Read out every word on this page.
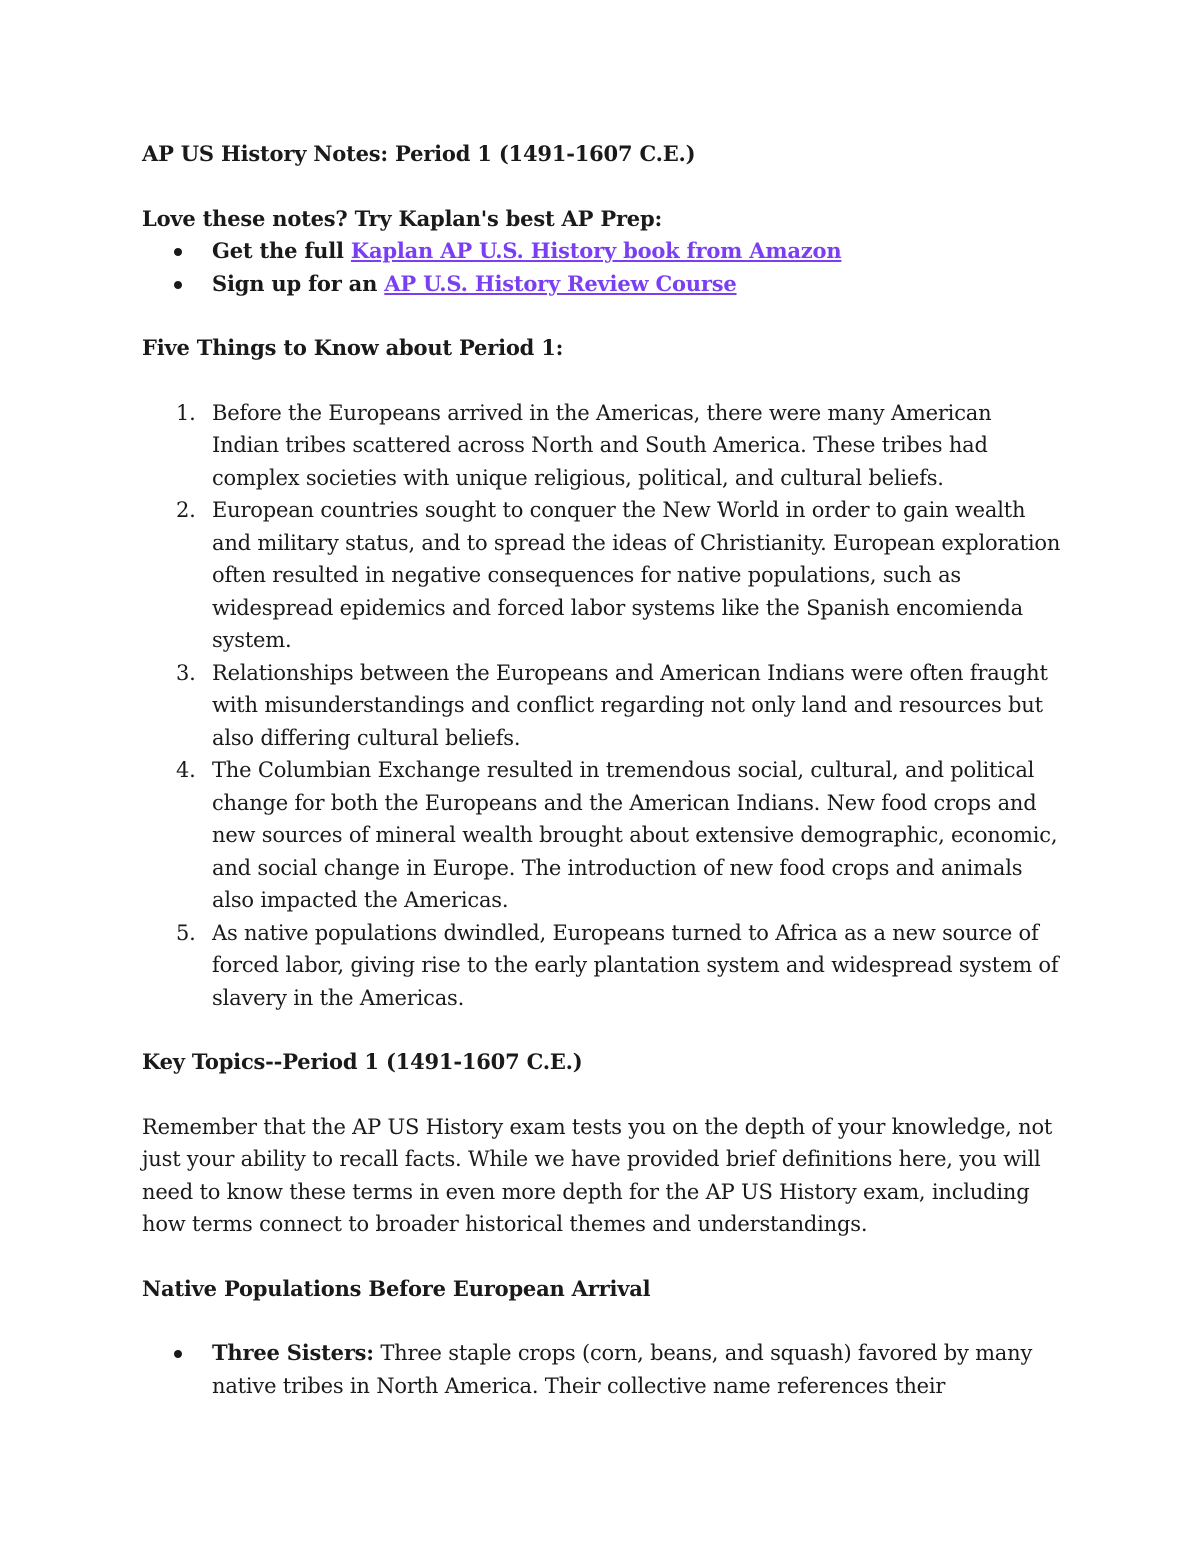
AP US History Notes: Period 1 (1491-1607 C.E.)

Love these notes? Try Kaplan's best AP Prep:

Get the full Kaplan AP U.S. History book from Amazon
Sign up for an AP U.S. History Review Course

Five Things to Know about Period 1:

1. Before the Europeans arrived in the Americas, there were many American Indian tribes scattered across North and South America. These tribes had complex societies with unique religious, political, and cultural beliefs.
2. European countries sought to conquer the New World in order to gain wealth and military status, and to spread the ideas of Christianity. European exploration often resulted in negative consequences for native populations, such as widespread epidemics and forced labor systems like the Spanish encomienda system.
3. Relationships between the Europeans and American Indians were often fraught with misunderstandings and conflict regarding not only land and resources but also differing cultural beliefs.
4. The Columbian Exchange resulted in tremendous social, cultural, and political change for both the Europeans and the American Indians. New food crops and new sources of mineral wealth brought about extensive demographic, economic, and social change in Europe. The introduction of new food crops and animals also impacted the Americas.
5. As native populations dwindled, Europeans turned to Africa as a new source of forced labor, giving rise to the early plantation system and widespread system of slavery in the Americas.

Key Topics--Period 1 (1491-1607 C.E.)

Remember that the AP US History exam tests you on the depth of your knowledge, not just your ability to recall facts. While we have provided brief definitions here, you will need to know these terms in even more depth for the AP US History exam, including how terms connect to broader historical themes and understandings.

Native Populations Before European Arrival

Three Sisters: Three staple crops (corn, beans, and squash) favored by many native tribes in North America. Their collective name references their
